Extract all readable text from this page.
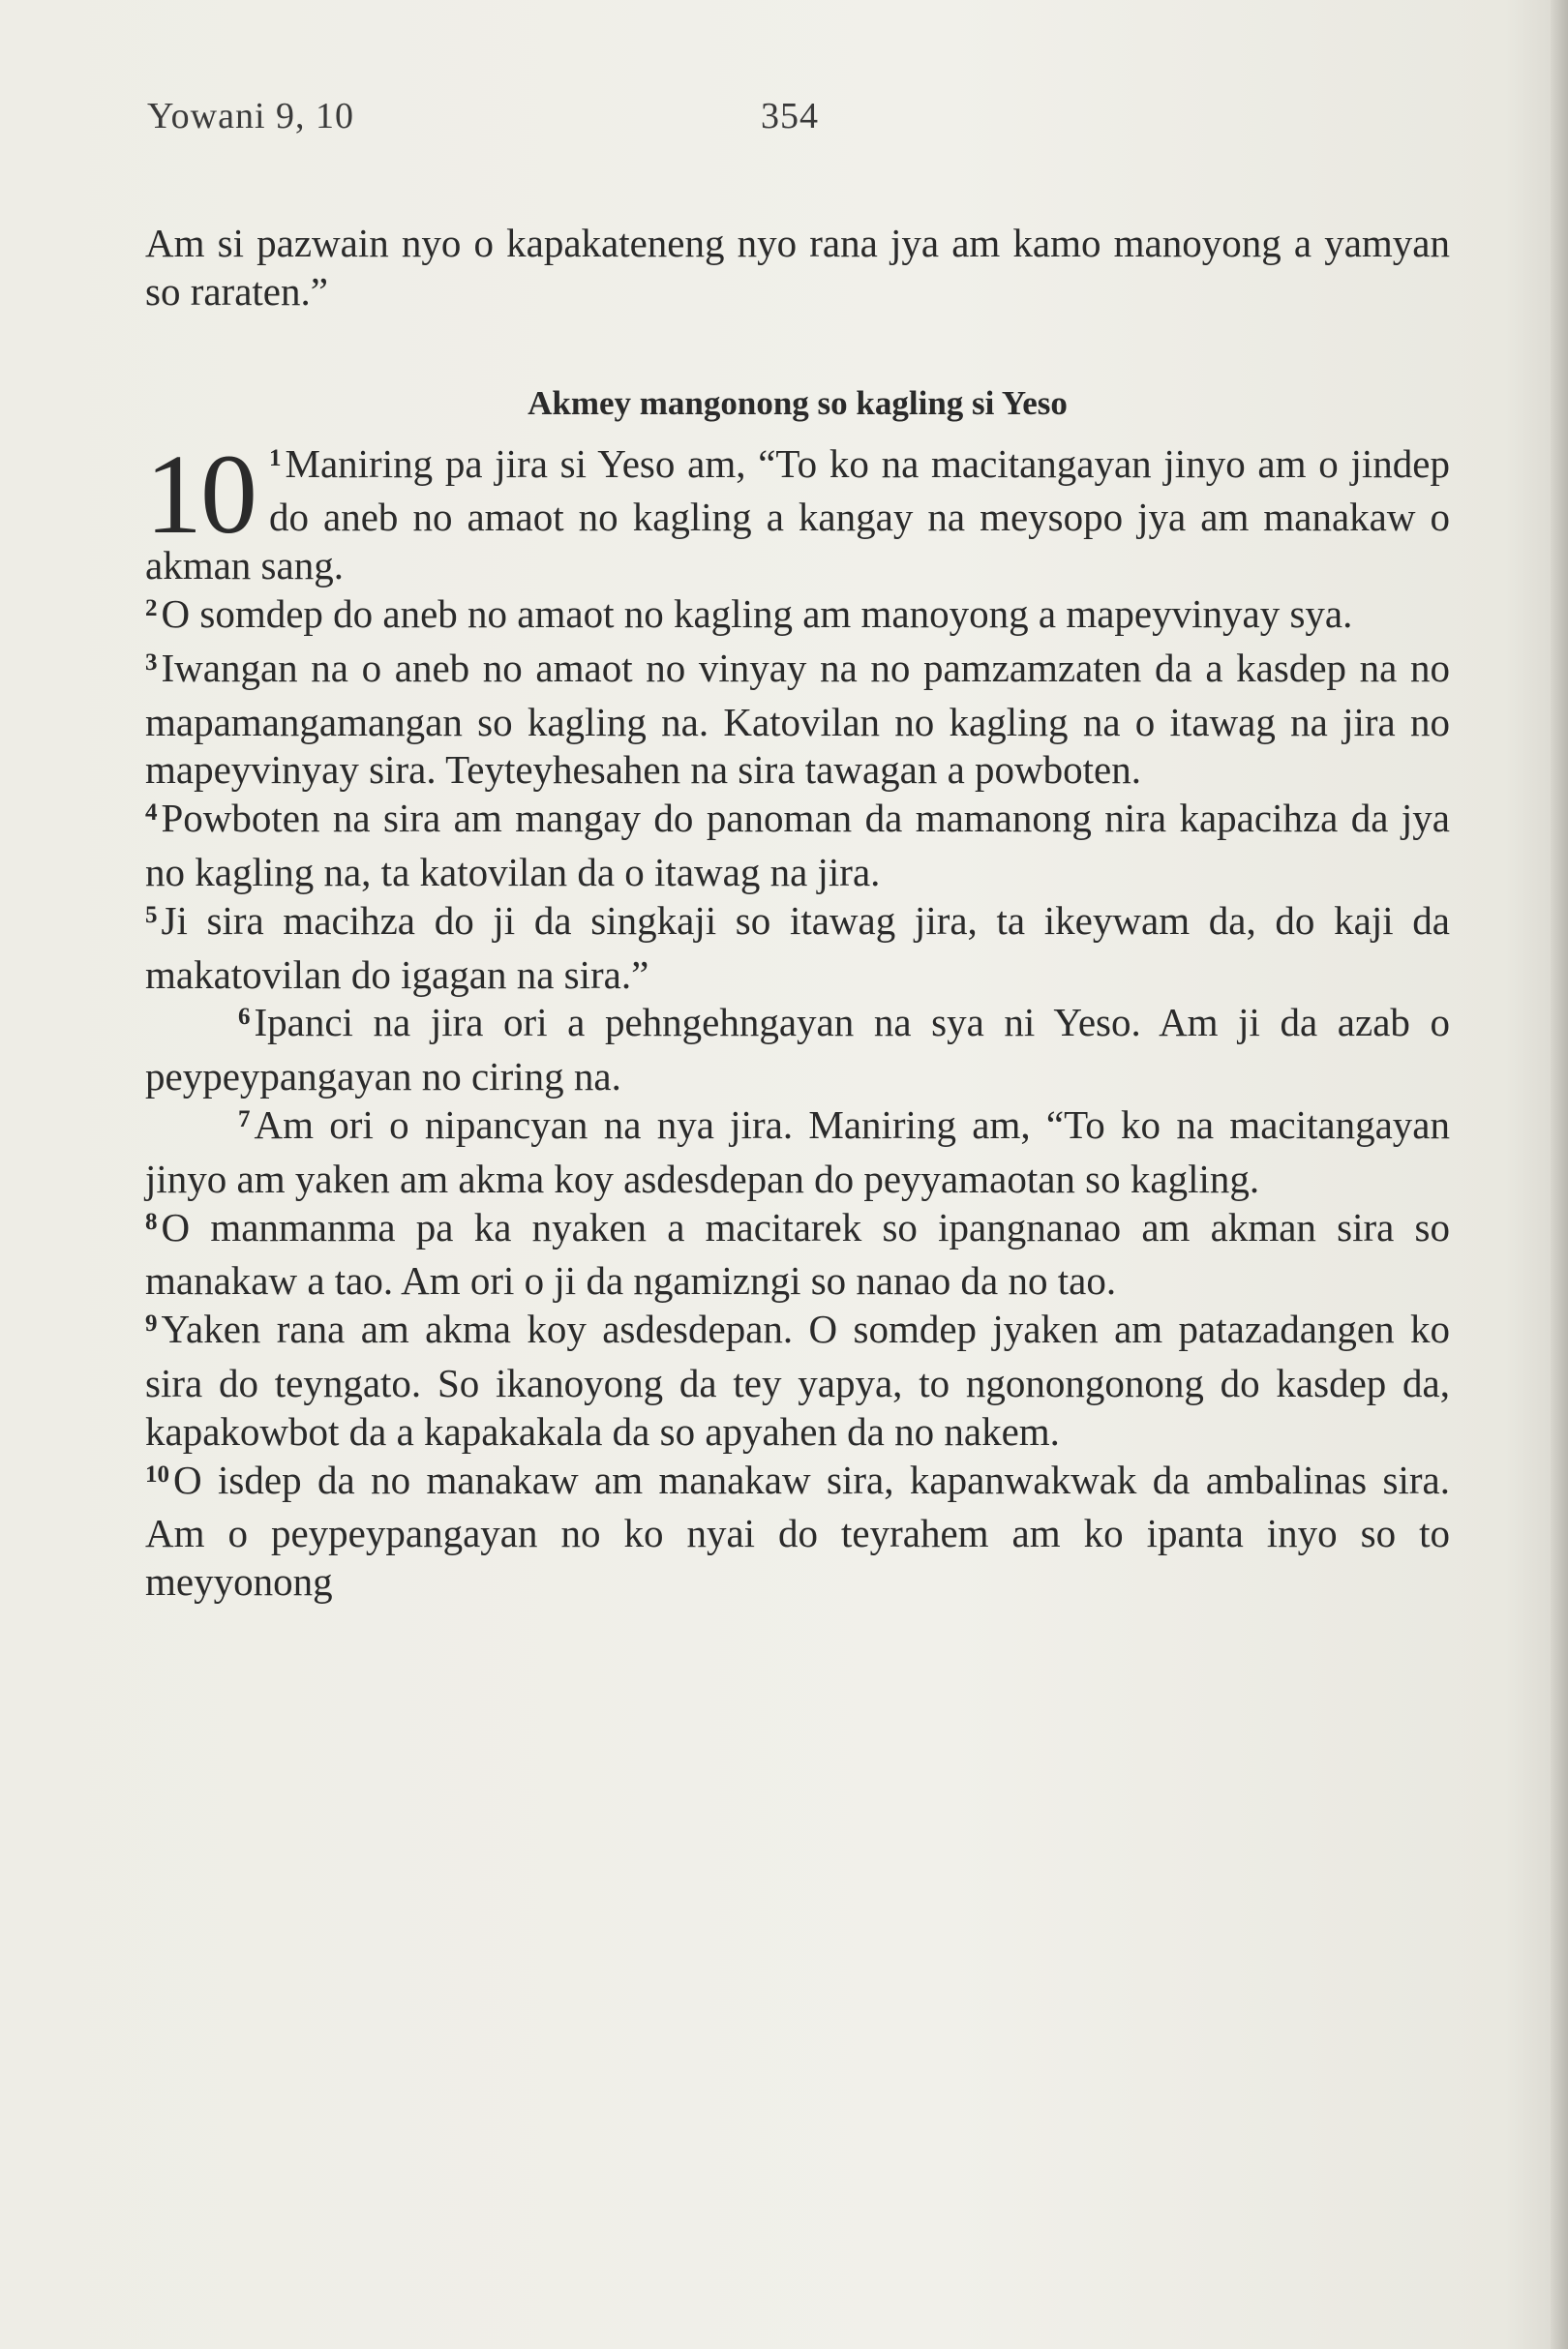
Yowani 9, 10	354

Am si pazwain nyo o kapakateneng nyo rana jya am kamo manoyong a yamyan so raraten.”

Akmey mangonong so kagling si Yeso

10 $^1$Maniring pa jira si Yeso am, “To ko na macitangayan jinyo am o jindep do aneb no amaot no kagling a kangay na meysopo jya am manakaw o akman sang.

$^2$O somdep do aneb no amaot no kagling am manoyong a mapeyvinyay sya.

$^3$Iwangan na o aneb no amaot no vinyay na no pamzamzaten da a kasdep na no mapamangamangan so kagling na. Katovilan no kagling na o itawag na jira no mapeyvinyay sira. Teyteyhesahen na sira tawagan a powboten.

$^4$Powboten na sira am mangay do panoman da mamanong nira kapacihza da jya no kagling na, ta katovilan da o itawag na jira.

$^5$Ji sira macihza do ji da singkaji so itawag jira, ta ikeywam da, do kaji da makatovilan do igagan na sira.”

$^6$Ipanci na jira ori a pehngehngayan na sya ni Yeso. Am ji da azab o peypeypangayan no ciring na.

$^7$Am ori o nipancyan na nya jira. Maniring am, “To ko na macitangayan jinyo am yaken am akma koy asdesdepan do peyyamaotan so kagling.

$^8$O manmanma pa ka nyaken a macitarek so ipangnanao am akman sira so manakaw a tao. Am ori o ji da ngamizngi so nanao da no tao.

$^9$Yaken rana am akma koy asdesdepan. O somdep jyaken am patazadangen ko sira do teyngato. So ikanoyong da tey yapya, to ngonongonong do kasdep da, kapakowbot da a kapakakala da so apyahen da no nakem.

$^{10}$O isdep da no manakaw am manakaw sira, kapanwakwak da ambalinas sira. Am o peypeypangayan no ko nyai do teyrahem am ko ipanta inyo so to meyyonong
